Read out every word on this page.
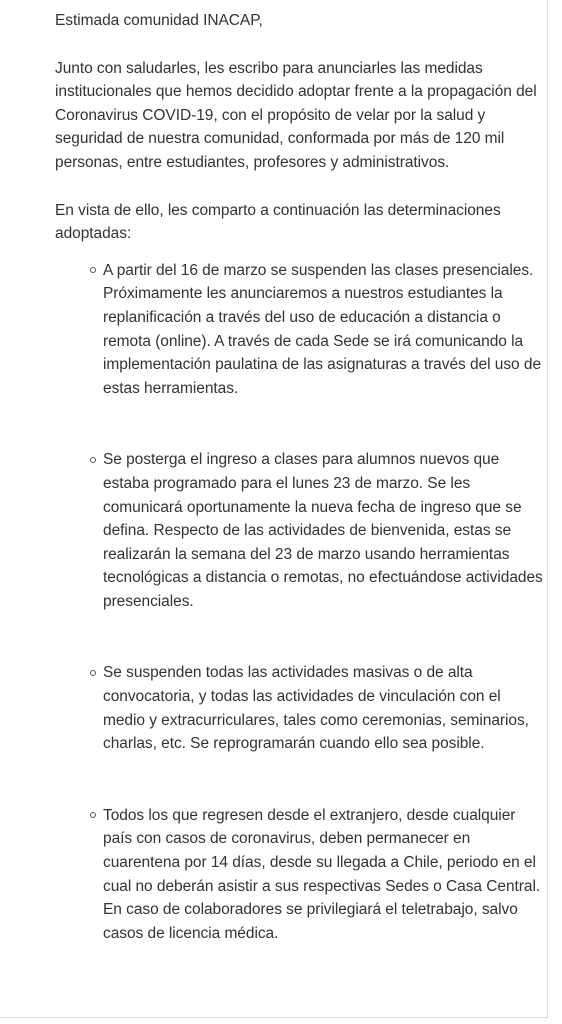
Estimada comunidad INACAP,

Junto con saludarles, les escribo para anunciarles las medidas institucionales que hemos decidido adoptar frente a la propagación del Coronavirus COVID-19, con el propósito de velar por la salud y seguridad de nuestra comunidad, conformada por más de 120 mil personas, entre estudiantes, profesores y administrativos.

En vista de ello, les comparto a continuación las determinaciones adoptadas:

A partir del 16 de marzo se suspenden las clases presenciales. Próximamente les anunciaremos a nuestros estudiantes la replanificación a través del uso de educación a distancia o remota (online). A través de cada Sede se irá comunicando la implementación paulatina de las asignaturas a través del uso de estas herramientas.
Se posterga el ingreso a clases para alumnos nuevos que estaba programado para el lunes 23 de marzo. Se les comunicará oportunamente la nueva fecha de ingreso que se defina. Respecto de las actividades de bienvenida, estas se realizarán la semana del 23 de marzo usando herramientas tecnológicas a distancia o remotas, no efectuándose actividades presenciales.
Se suspenden todas las actividades masivas o de alta convocatoria, y todas las actividades de vinculación con el medio y extracurriculares, tales como ceremonias, seminarios, charlas, etc. Se reprogramarán cuando ello sea posible.
Todos los que regresen desde el extranjero, desde cualquier país con casos de coronavirus, deben permanecer en cuarentena por 14 días, desde su llegada a Chile, periodo en el cual no deberán asistir a sus respectivas Sedes o Casa Central. En caso de colaboradores se privilegiará el teletrabajo, salvo casos de licencia médica.
